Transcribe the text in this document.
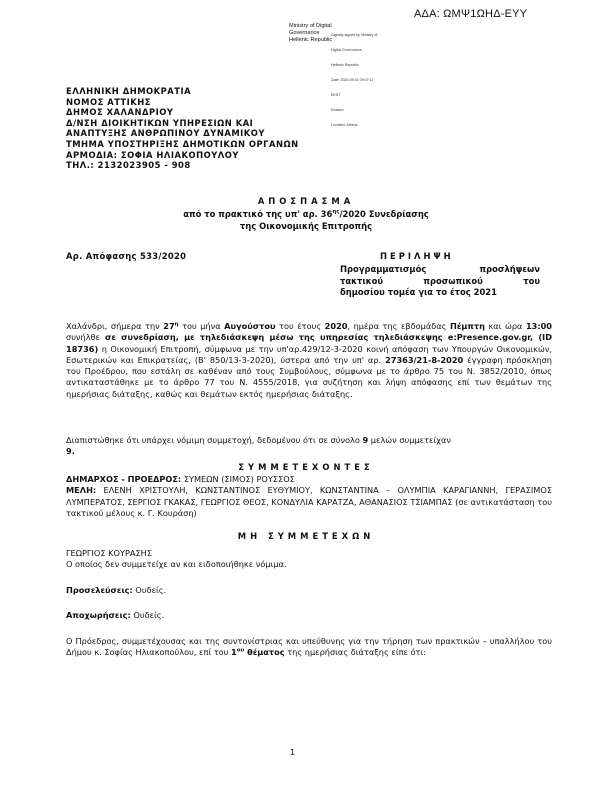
ΑΔΑ: ΩΜΨ1ΩΗΔ-ΕΥΥ
Ministry of Digital
Governance
Hellenic Republic

Digitally signed by Ministry of

Digital Governance,

Hellenic Republic

Date: 2020.09.01 09:07:11

EEST

Reason:

Location: Athens

ΕΛΛΗΝΙΚΗ ΔΗΜΟΚΡΑΤΙΑ
ΝΟΜΟΣ ΑΤΤΙΚΗΣ
ΔΗΜΟΣ ΧΑΛΑΝΔΡΙΟΥ
Δ/ΝΣΗ ΔΙΟΙΚΗΤΙΚΩΝ ΥΠΗΡΕΣΙΩΝ ΚΑΙ
ΑΝΑΠΤΥΞΗΣ ΑΝΘΡΩΠΙΝΟΥ ΔΥΝΑΜΙΚΟΥ
ΤΜΗΜΑ ΥΠΟΣΤΗΡΙΞΗΣ ΔΗΜΟΤΙΚΩΝ ΟΡΓΑΝΩΝ
ΑΡΜΟΔΙΑ: ΣΟΦΙΑ ΗΛΙΑΚΟΠΟΥΛΟΥ
ΤΗΛ.: 2132023905 - 908
ΑΠΟΣΠΑΣΜΑ
από το πρακτικό της υπ' αρ. $36^{\eta\varsigma}/2020$ Συνεδρίασης
της Οικονομικής Επιτροπής
Αρ. Απόφασης 533/2020	ΠΕΡΙΛΗΨΗ
Προγραμματισμός προσλήψεων
τακτικού προσωπικού του
δημοσίου τομέα για το έτος 2021
Χαλάνδρι, σήμερα την $27^\eta$ του μήνα Αυγούστου του έτους 2020, ημέρα της εβδομάδας Πέμπτη και ώρα 13:00 συνήλθε σε συνεδρίαση, με τηλεδιάσκεψη μέσω της υπηρεσίας τηλεδιάσκεψης e:Presence.gov.gr, (ID 18736) η Οικονομική Επιτροπή, σύμφωνα με την υπ'αρ.429/12-3-2020 κοινή απόφαση των Υπουργών Οικονομικών, Εσωτερικών και Επικρατείας, (Β' 850/13-3-2020), ύστερα από την υπ' αρ. 27363/21-8-2020 έγγραφη πρόσκληση του Προέδρου, που εστάλη σε καθέναν από τους Συμβούλους, σύμφωνα με το άρθρο 75 του Ν. 3852/2010, όπως αντικαταστάθηκε με το άρθρο 77 του Ν. 4555/2018, για συζήτηση και λήψη απόφασης επί των θεμάτων της ημερήσιας διάταξης, καθώς και θεμάτων εκτός ημερήσιας διάταξης.
Διαπιστώθηκε ότι υπάρχει νόμιμη συμμετοχή, δεδομένου ότι σε σύνολο 9 μελών συμμετείχαν
9.
ΣΥΜΜΕΤΕΧΟΝΤΕΣ
ΔΗΜΑΡΧΟΣ - ΠΡΟΕΔΡΟΣ: ΣΥΜΕΩΝ (ΣΙΜΟΣ) ΡΟΥΣΣΟΣ
ΜΕΛΗ: ΕΛΕΝΗ ΧΡΙΣΤΟΥΛΗ, ΚΩΝΣΤΑΝΤΙΝΟΣ ΕΥΘΥΜΙΟΥ, ΚΩΝΣΤΑΝΤΙΝΑ – ΟΛΥΜΠΙΑ ΚΑΡΑΓΙΑΝΝΗ, ΓΕΡΑΣΙΜΟΣ ΛΥΜΠΕΡΑΤΟΣ, ΣΕΡΓΙΟΣ ΓΚΑΚΑΣ, ΓΕΩΡΓΙΟΣ ΘΕΟΣ, ΚΟΝΔΥΛΙΑ ΚΑΡΑΤΖΑ, ΑΘΑΝΑΣΙΟΣ ΤΣΙΑΜΠΑΣ (σε αντικατάσταση του τακτικού μέλους κ. Γ. Κουράση)
ΜΗ ΣΥΜΜΕΤΕΧΩΝ
ΓΕΩΡΓΙΟΣ ΚΟΥΡΑΣΗΣ
Ο οποίος δεν συμμετείχε αν και ειδοποιήθηκε νόμιμα.
Προσελεύσεις: Ουδείς.
Αποχωρήσεις: Ουδείς.
Ο Πρόεδρος, συμμετέχουσας και της συντονίστριας και υπεύθυνης για την τήρηση των πρακτικών – υπαλλήλου του Δήμου κ. Σοφίας Ηλιακοπούλου, επί του $1^{o\upsilon}$ θέματος της ημερήσιας διάταξης είπε ότι:
1
